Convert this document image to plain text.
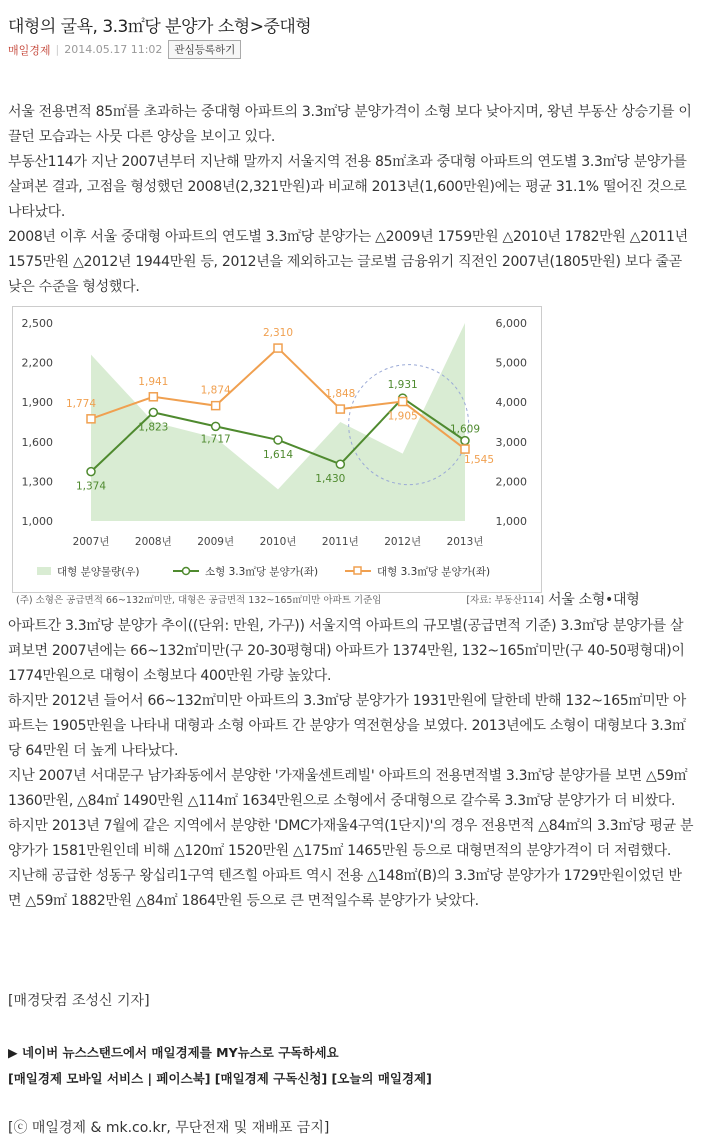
대형의 굴욕, 3.3㎡당 분양가 소형>중대형
매일경제 | 2014.05.17 11:02	관심등록하기
서울 전용면적 85㎡를 초과하는 중대형 아파트의 3.3㎡당 분양가격이 소형 보다 낮아지며, 왕년 부동산 상승기를 이끌던 모습과는 사뭇 다른 양상을 보이고 있다.
부동산114가 지난 2007년부터 지난해 말까지 서울지역 전용 85㎡초과 중대형 아파트의 연도별 3.3㎡당 분양가를 살펴본 결과, 고점을 형성했던 2008년(2,321만원)과 비교해 2013년(1,600만원)에는 평균 31.1% 떨어진 것으로 나타났다.
2008년 이후 서울 중대형 아파트의 연도별 3.3㎡당 분양가는 △2009년 1759만원 △2010년 1782만원 △2011년 1575만원 △2012년 1944만원 등, 2012년을 제외하고는 글로벌 금융위기 직전인 2007년(1805만원) 보다 줄곧 낮은 수준을 형성했다.
2,500
2,200
1,900
1,600
1,300
1,000
6,000
5,000
4,000
3,000
2,000
1,000
2007년 2008년 2009년 2010년 2011년 2012년 2013년
1,374
1,823
1,717
1,614
1,430
1,931
1,609
1,774
1,941
1,874
2,310
1,848
1,905
1,545
대형 분양물량(우)	소형 3.3㎡당 분양가(좌)	대형 3.3㎡당 분양가(좌)
(주) 소형은 공급면적 66~132㎡미만, 대형은 공급면적 132~165㎡미만 아파트 기준임	[자료: 부동산114] 서울 소형•대형
아파트간 3.3㎡당 분양가 추이((단위: 만원, 가구)) 서울지역 아파트의 규모별(공급면적 기준) 3.3㎡당 분양가를 살펴보면 2007년에는 66~132㎡미만(구 20-30평형대) 아파트가 1374만원, 132~165㎡미만(구 40-50평형대)이 1774만원으로 대형이 소형보다 400만원 가량 높았다.
하지만 2012년 들어서 66~132㎡미만 아파트의 3.3㎡당 분양가가 1931만원에 달한데 반해 132~165㎡미만 아파트는 1905만원을 나타내 대형과 소형 아파트 간 분양가 역전현상을 보였다. 2013년에도 소형이 대형보다 3.3㎡당 64만원 더 높게 나타났다.
지난 2007년 서대문구 남가좌동에서 분양한 '가재울센트레빌' 아파트의 전용면적별 3.3㎡당 분양가를 보면 △59㎡ 1360만원, △84㎡ 1490만원 △114㎡ 1634만원으로 소형에서 중대형으로 갈수록 3.3㎡당 분양가가 더 비쌌다.
하지만 2013년 7월에 같은 지역에서 분양한 'DMC가재울4구역(1단지)'의 경우 전용면적 △84㎡의 3.3㎡당 평균 분양가가 1581만원인데 비해 △120㎡ 1520만원 △175㎡ 1465만원 등으로 대형면적의 분양가격이 더 저렴했다.
지난해 공급한 성동구 왕십리1구역 텐즈힐 아파트 역시 전용 △148㎡(B)의 3.3㎡당 분양가가 1729만원이었던 반면 △59㎡ 1882만원 △84㎡ 1864만원 등으로 큰 면적일수록 분양가가 낮았다.
[매경닷컴 조성신 기자]
▶ 네이버 뉴스스탠드에서 매일경제를 MY뉴스로 구독하세요
[매일경제 모바일 서비스 | 페이스북] [매일경제 구독신청] [오늘의 매일경제]
[ⓒ 매일경제 & mk.co.kr, 무단전재 및 재배포 금지]
